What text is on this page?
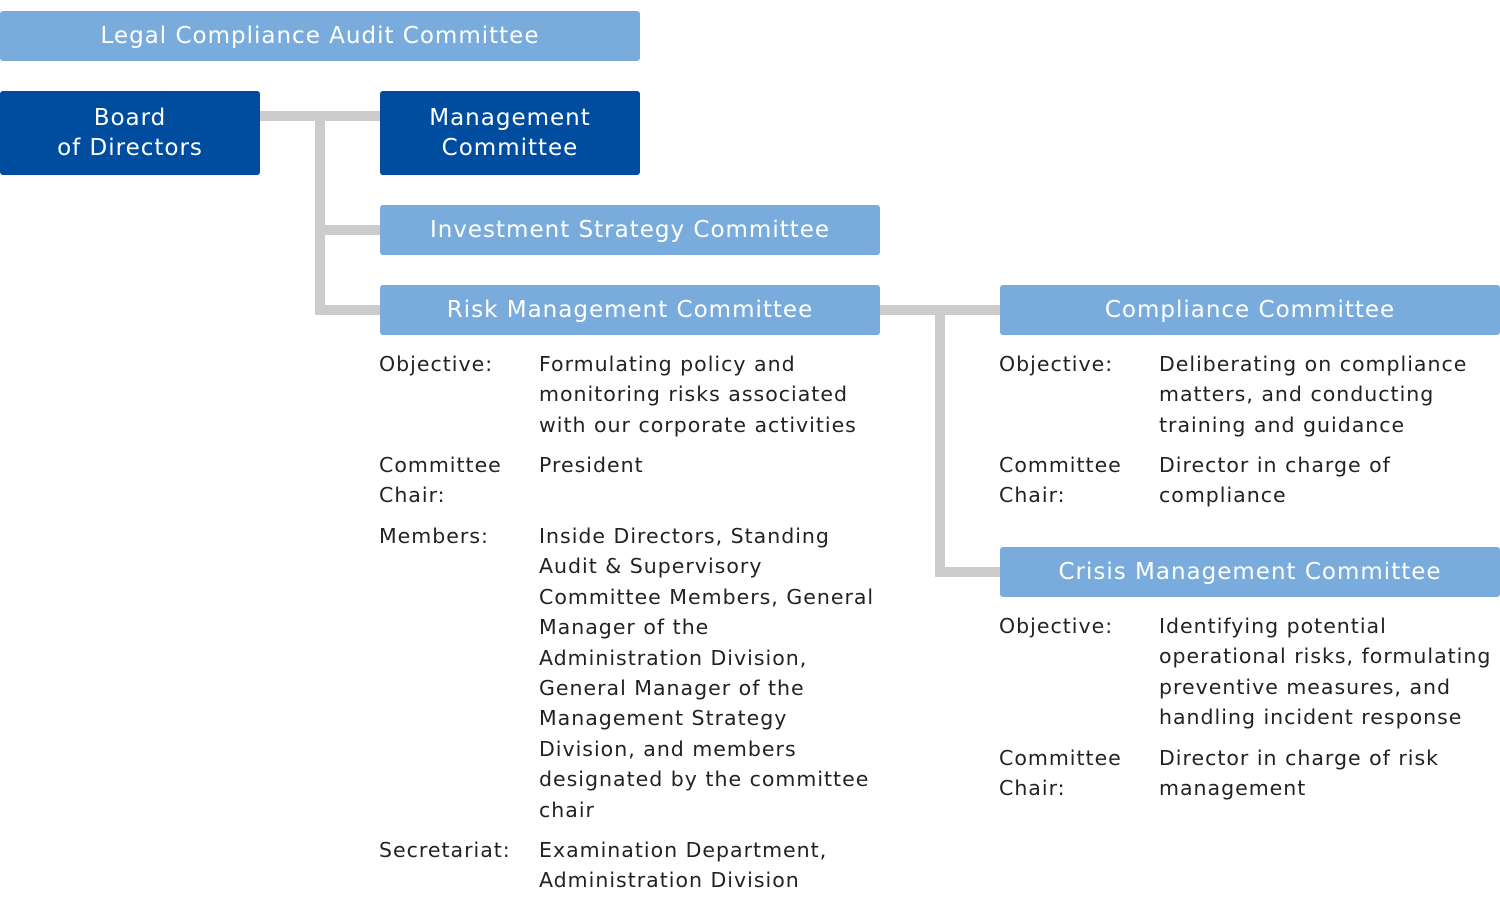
Legal Compliance Audit Committee
Board
of Directors
Management
Committee
Investment Strategy Committee
Risk Management Committee	Compliance Committee
Crisis Management Committee
Objective: Formulating policy and
monitoring risks associated
with our corporate activities
Committee
Chair:
President
Members: Inside Directors, Standing
Audit & Supervisory
Committee Members, General
Manager of the
Administration Division,
General Manager of the
Management Strategy
Division, and members
designated by the committee
chair
Secretariat: Examination Department,
Administration Division
Objective: Deliberating on compliance
matters, and conducting
training and guidance
Committee
Chair:
Director in charge of
compliance
Objective: Identifying potential
operational risks, formulating
preventive measures, and
handling incident response
Committee
Chair:
Director in charge of risk
management
